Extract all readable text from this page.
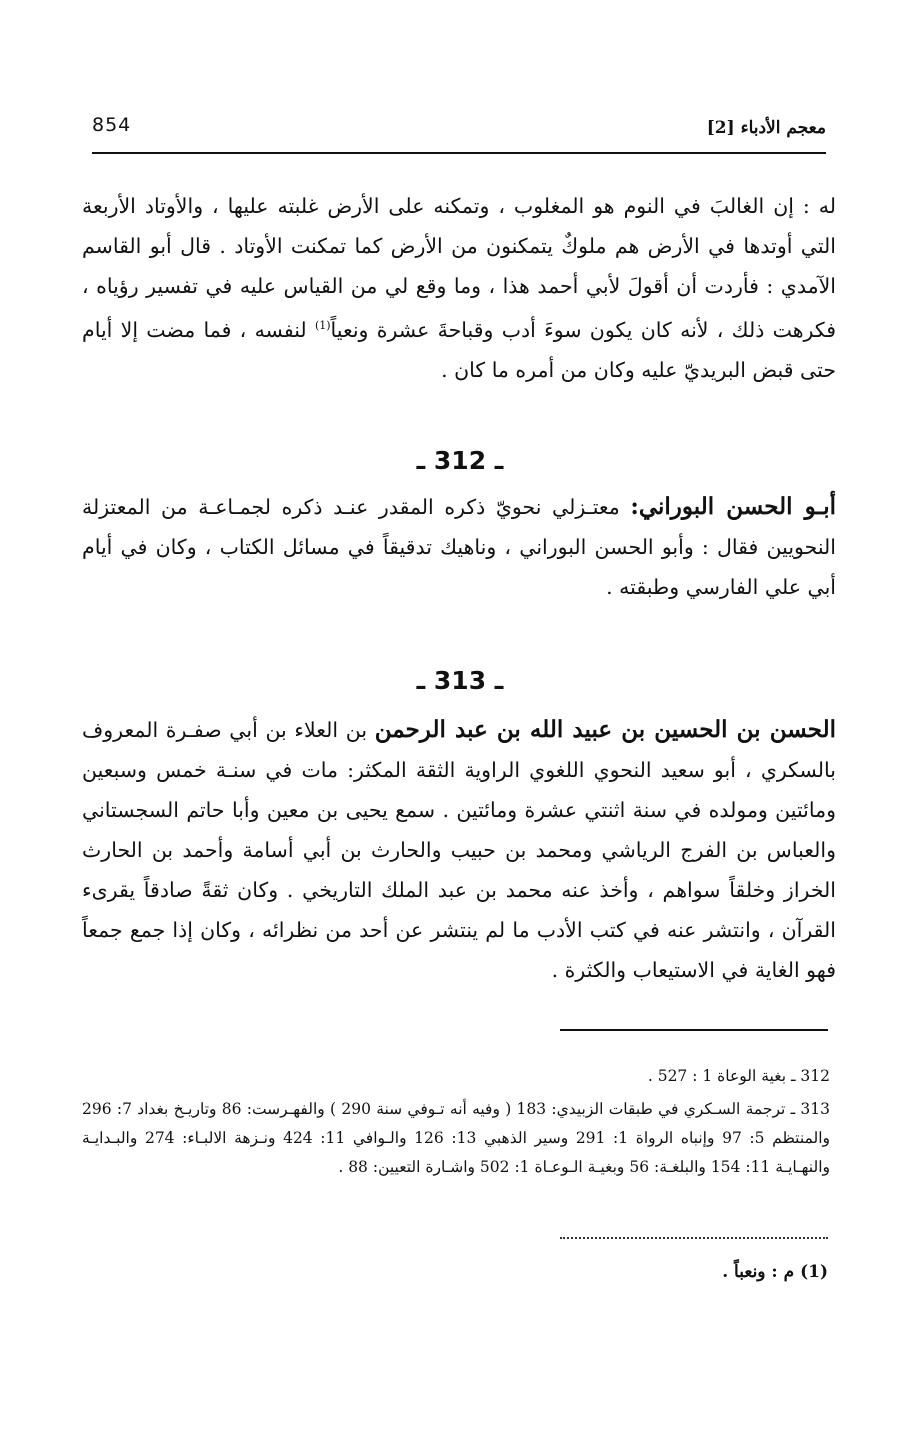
854	معجم الأدباء [2]
له : إن الغالبَ في النوم هو المغلوب ، وتمكنه على الأرض غلبته عليها ، والأوتاد الأربعة التي أوتدها في الأرض هم ملوكٌ يتمكنون من الأرض كما تمكنت الأوتاد . قال أبو القاسم الآمدي : فأردت أن أقولَ لأبي أحمد هذا ، وما وقع لي من القياس عليه في تفسير رؤياه ، فكرهت ذلك ، لأنه كان يكون سوءَ أدب وقباحةَ عشرة ونعياً$^{(1)}$ لنفسه ، فما مضت إلا أيام حتى قبض البريديّ عليه وكان من أمره ما كان .
ـ 312 ـ
أبـو الحسن البوراني: معتـزلي نحويّ ذكره المقدر عنـد ذكره لجمـاعـة من المعتزلة النحويين فقال : وأبو الحسن البوراني ، وناهيك تدقيقاً في مسائل الكتاب ، وكان في أيام أبي علي الفارسي وطبقته .
ـ 313 ـ
الحسن بن الحسين بن عبيد الله بن عبد الرحمن بن العلاء بن أبي صفـرة المعروف بالسكري ، أبو سعيد النحوي اللغوي الراوية الثقة المكثر: مات في سنـة خمس وسبعين ومائتين ومولده في سنة اثنتي عشرة ومائتين . سمع يحيى بن معين وأبا حاتم السجستاني والعباس بن الفرج الرياشي ومحمد بن حبيب والحارث بن أبي أسامة وأحمد بن الحارث الخراز وخلقاً سواهم ، وأخذ عنه محمد بن عبد الملك التاريخي . وكان ثقةً صادقاً يقرىء القرآن ، وانتشر عنه في كتب الأدب ما لم ينتشر عن أحد من نظرائه ، وكان إذا جمع جمعاً فهو الغاية في الاستيعاب والكثرة .
312 ـ بغية الوعاة 1 : 527 .
313 ـ ترجمة السـكري في طبقات الزبيدي: 183 ( وفيه أنه تـوفي سنة 290 ) والفهـرست: 86 وتاريـخ بغداد 7: 296 والمنتظم 5: 97 وإنباه الرواة 1: 291 وسير الذهبي 13: 126 والـوافي 11: 424 ونـزهة الالبـاء: 274 والبـدايـة والنهـايـة 11: 154 والبلغـة: 56 وبغيـة الـوعـاة 1: 502 واشـارة التعيين: 88 .
(1) م : ونعباً .
